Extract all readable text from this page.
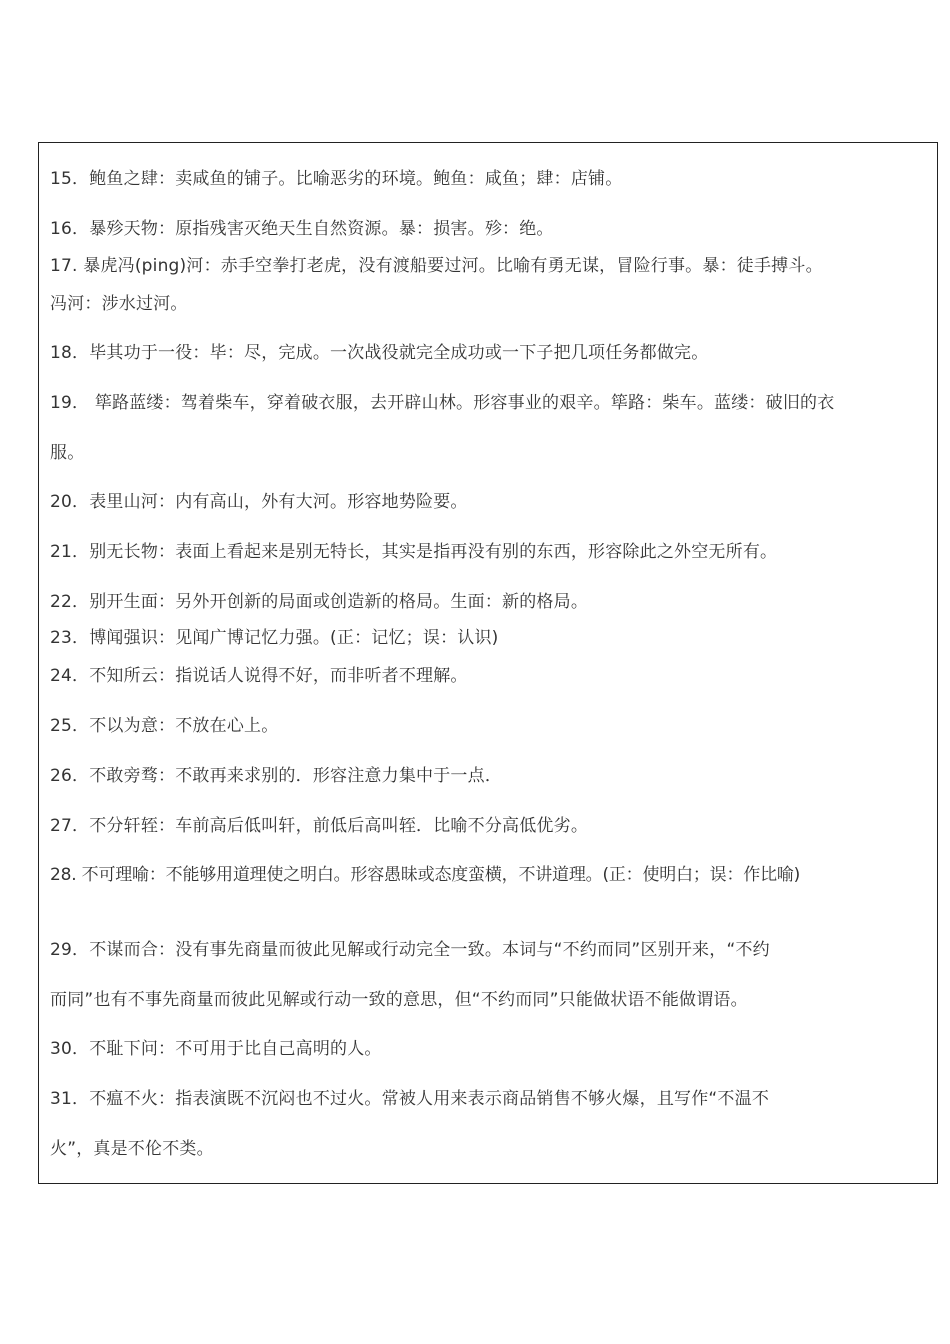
15．鲍鱼之肆：卖咸鱼的铺子。比喻恶劣的环境。鲍鱼：咸鱼；肆：店铺。
16．暴殄天物：原指残害灭绝天生自然资源。暴：损害。殄：绝。
17. 暴虎冯(ping)河：赤手空拳打老虎，没有渡船要过河。比喻有勇无谋，冒险行事。暴：徒手搏斗。
冯河：涉水过河。
18．毕其功于一役：毕：尽，完成。一次战役就完全成功或一下子把几项任务都做完。
19． 筚路蓝缕：驾着柴车，穿着破衣服，去开辟山林。形容事业的艰辛。筚路：柴车。蓝缕：破旧的衣
服。
20．表里山河：内有高山，外有大河。形容地势险要。
21．别无长物：表面上看起来是别无特长，其实是指再没有别的东西，形容除此之外空无所有。
22．别开生面：另外开创新的局面或创造新的格局。生面：新的格局。
23．博闻强识：见闻广博记忆力强。(正：记忆；误：认识)
24．不知所云：指说话人说得不好，而非听者不理解。
25．不以为意：不放在心上。
26．不敢旁骛：不敢再来求别的．形容注意力集中于一点．
27．不分轩轾：车前高后低叫轩，前低后高叫轾．比喻不分高低优劣。
28. 不可理喻：不能够用道理使之明白。形容愚昧或态度蛮横，不讲道理。(正：使明白；误：作比喻)
29．不谋而合：没有事先商量而彼此见解或行动完全一致。本词与“不约而同”区别开来，“不约
而同”也有不事先商量而彼此见解或行动一致的意思，但“不约而同”只能做状语不能做谓语。
30．不耻下问：不可用于比自己高明的人。
31．不瘟不火：指表演既不沉闷也不过火。常被人用来表示商品销售不够火爆，且写作“不温不
火”，真是不伦不类。
